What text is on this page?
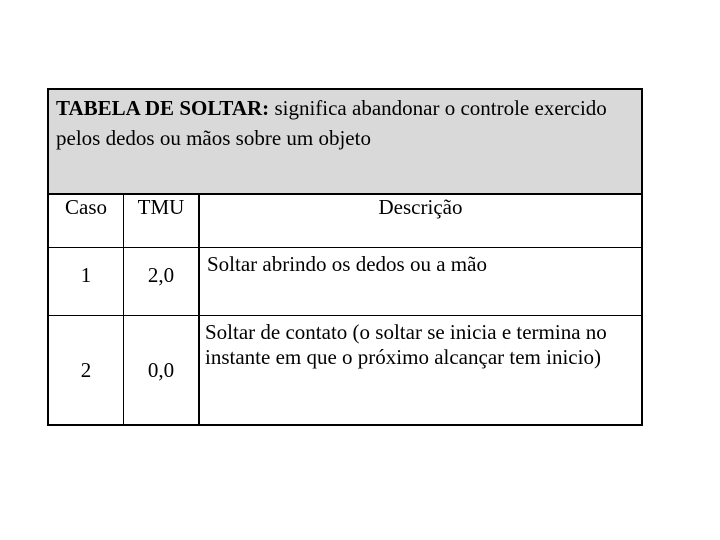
TABELA DE SOLTAR: significa abandonar o controle exercido pelos dedos ou mãos sobre um objeto
Caso	TMU	Descrição
1	2,0	Soltar abrindo os dedos ou a mão
2	0,0	Soltar de contato (o soltar se inicia e termina no instante em que o próximo alcançar tem inicio)
